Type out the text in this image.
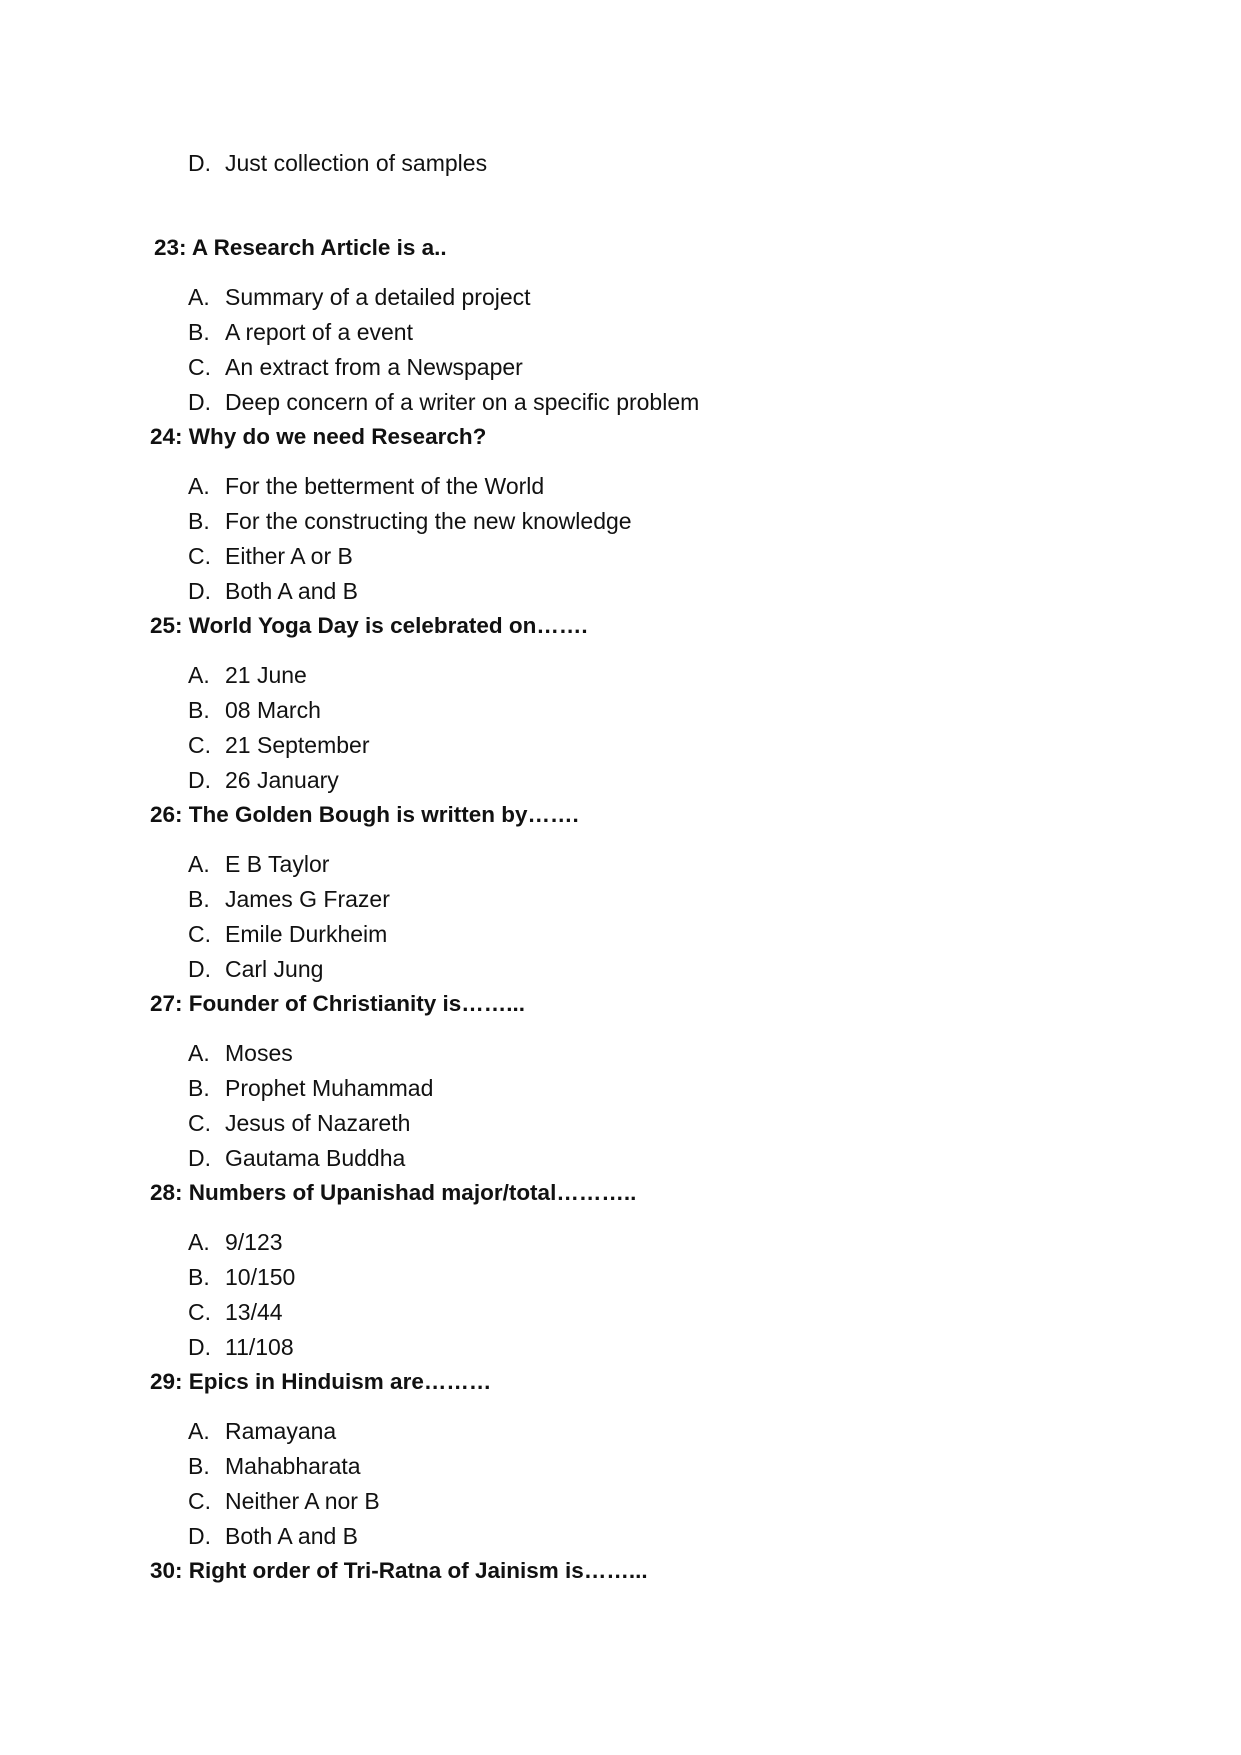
D. Just collection of samples
23: A Research Article is a..
A. Summary of a detailed project
B. A report of a event
C. An extract from a Newspaper
D. Deep concern of a writer on a specific problem
24: Why do we need Research?
A. For the betterment of the World
B. For the constructing the new knowledge
C. Either A or B
D. Both A and B
25: World Yoga Day is celebrated on…….
A. 21 June
B. 08 March
C. 21 September
D. 26 January
26: The Golden Bough is written by…….
A. E B Taylor
B. James G Frazer
C. Emile Durkheim
D. Carl Jung
27: Founder of Christianity is……...
A. Moses
B. Prophet Muhammad
C. Jesus of Nazareth
D. Gautama Buddha
28: Numbers of Upanishad major/total………..
A. 9/123
B. 10/150
C. 13/44
D. 11/108
29: Epics in Hinduism are………
A. Ramayana
B. Mahabharata
C. Neither A nor B
D. Both A and B
30: Right order of Tri-Ratna of Jainism is……...
